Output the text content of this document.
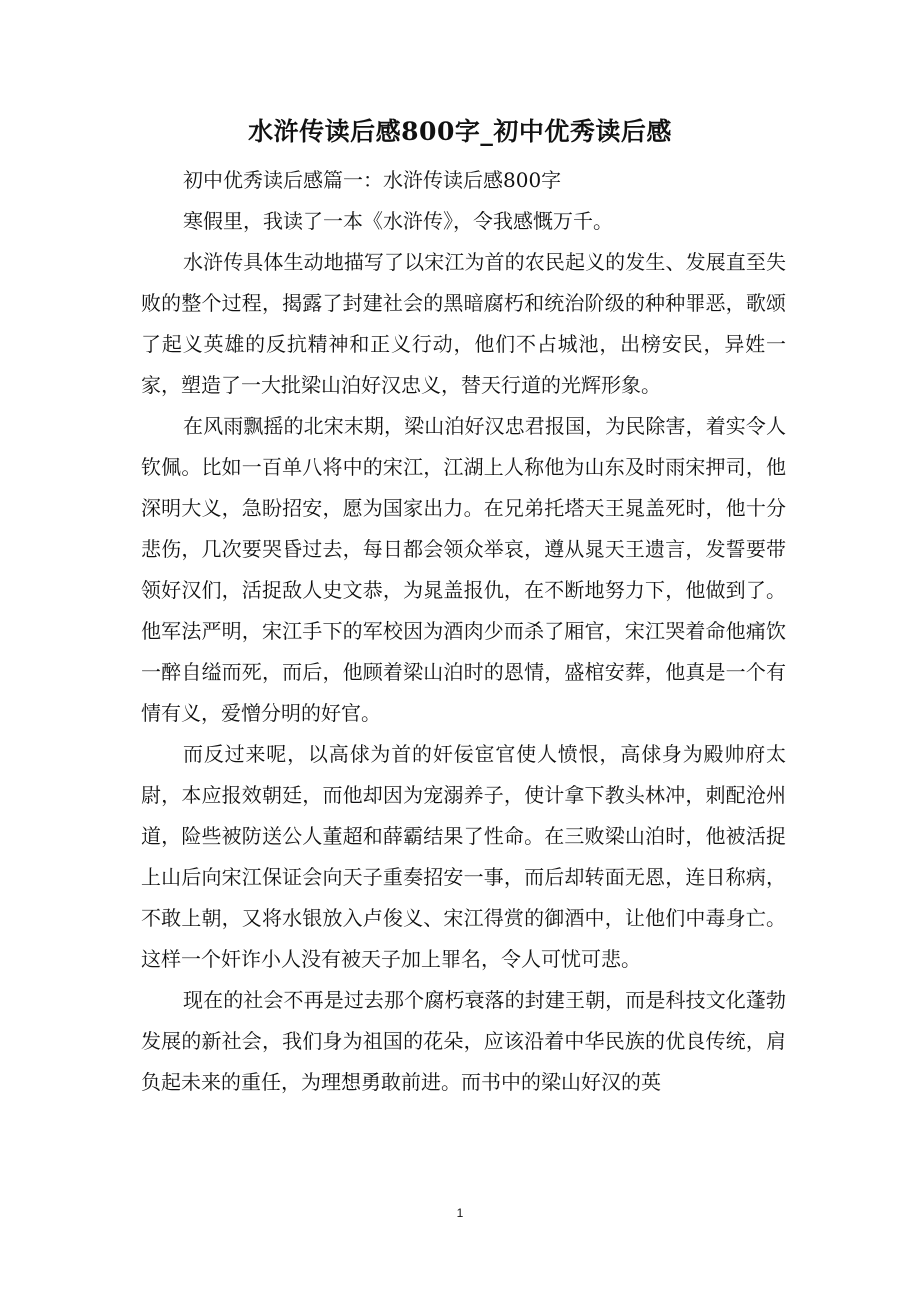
水浒传读后感800字_初中优秀读后感

初中优秀读后感篇一：水浒传读后感800字

寒假里，我读了一本《水浒传》，令我感慨万千。

水浒传具体生动地描写了以宋江为首的农民起义的发生、发展直至失败的整个过程，揭露了封建社会的黑暗腐朽和统治阶级的种种罪恶，歌颂了起义英雄的反抗精神和正义行动，他们不占城池，出榜安民，异姓一家，塑造了一大批梁山泊好汉忠义，替天行道的光辉形象。

在风雨飘摇的北宋末期，梁山泊好汉忠君报国，为民除害，着实令人钦佩。比如一百单八将中的宋江，江湖上人称他为山东及时雨宋押司，他深明大义，急盼招安，愿为国家出力。在兄弟托塔天王晁盖死时，他十分悲伤，几次要哭昏过去，每日都会领众举哀，遵从晁天王遗言，发誓要带领好汉们，活捉敌人史文恭，为晁盖报仇，在不断地努力下，他做到了。他军法严明，宋江手下的军校因为酒肉少而杀了厢官，宋江哭着命他痛饮一醉自缢而死，而后，他顾着梁山泊时的恩情，盛棺安葬，他真是一个有情有义，爱憎分明的好官。

而反过来呢，以高俅为首的奸佞宦官使人愤恨，高俅身为殿帅府太尉，本应报效朝廷，而他却因为宠溺养子，使计拿下教头林冲，刺配沧州道，险些被防送公人董超和薛霸结果了性命。在三败梁山泊时，他被活捉上山后向宋江保证会向天子重奏招安一事，而后却转面无恩，连日称病，不敢上朝，又将水银放入卢俊义、宋江得赏的御酒中，让他们中毒身亡。这样一个奸诈小人没有被天子加上罪名，令人可忧可悲。

现在的社会不再是过去那个腐朽衰落的封建王朝，而是科技文化蓬勃发展的新社会，我们身为祖国的花朵，应该沿着中华民族的优良传统，肩负起未来的重任，为理想勇敢前进。而书中的梁山好汉的英

1
